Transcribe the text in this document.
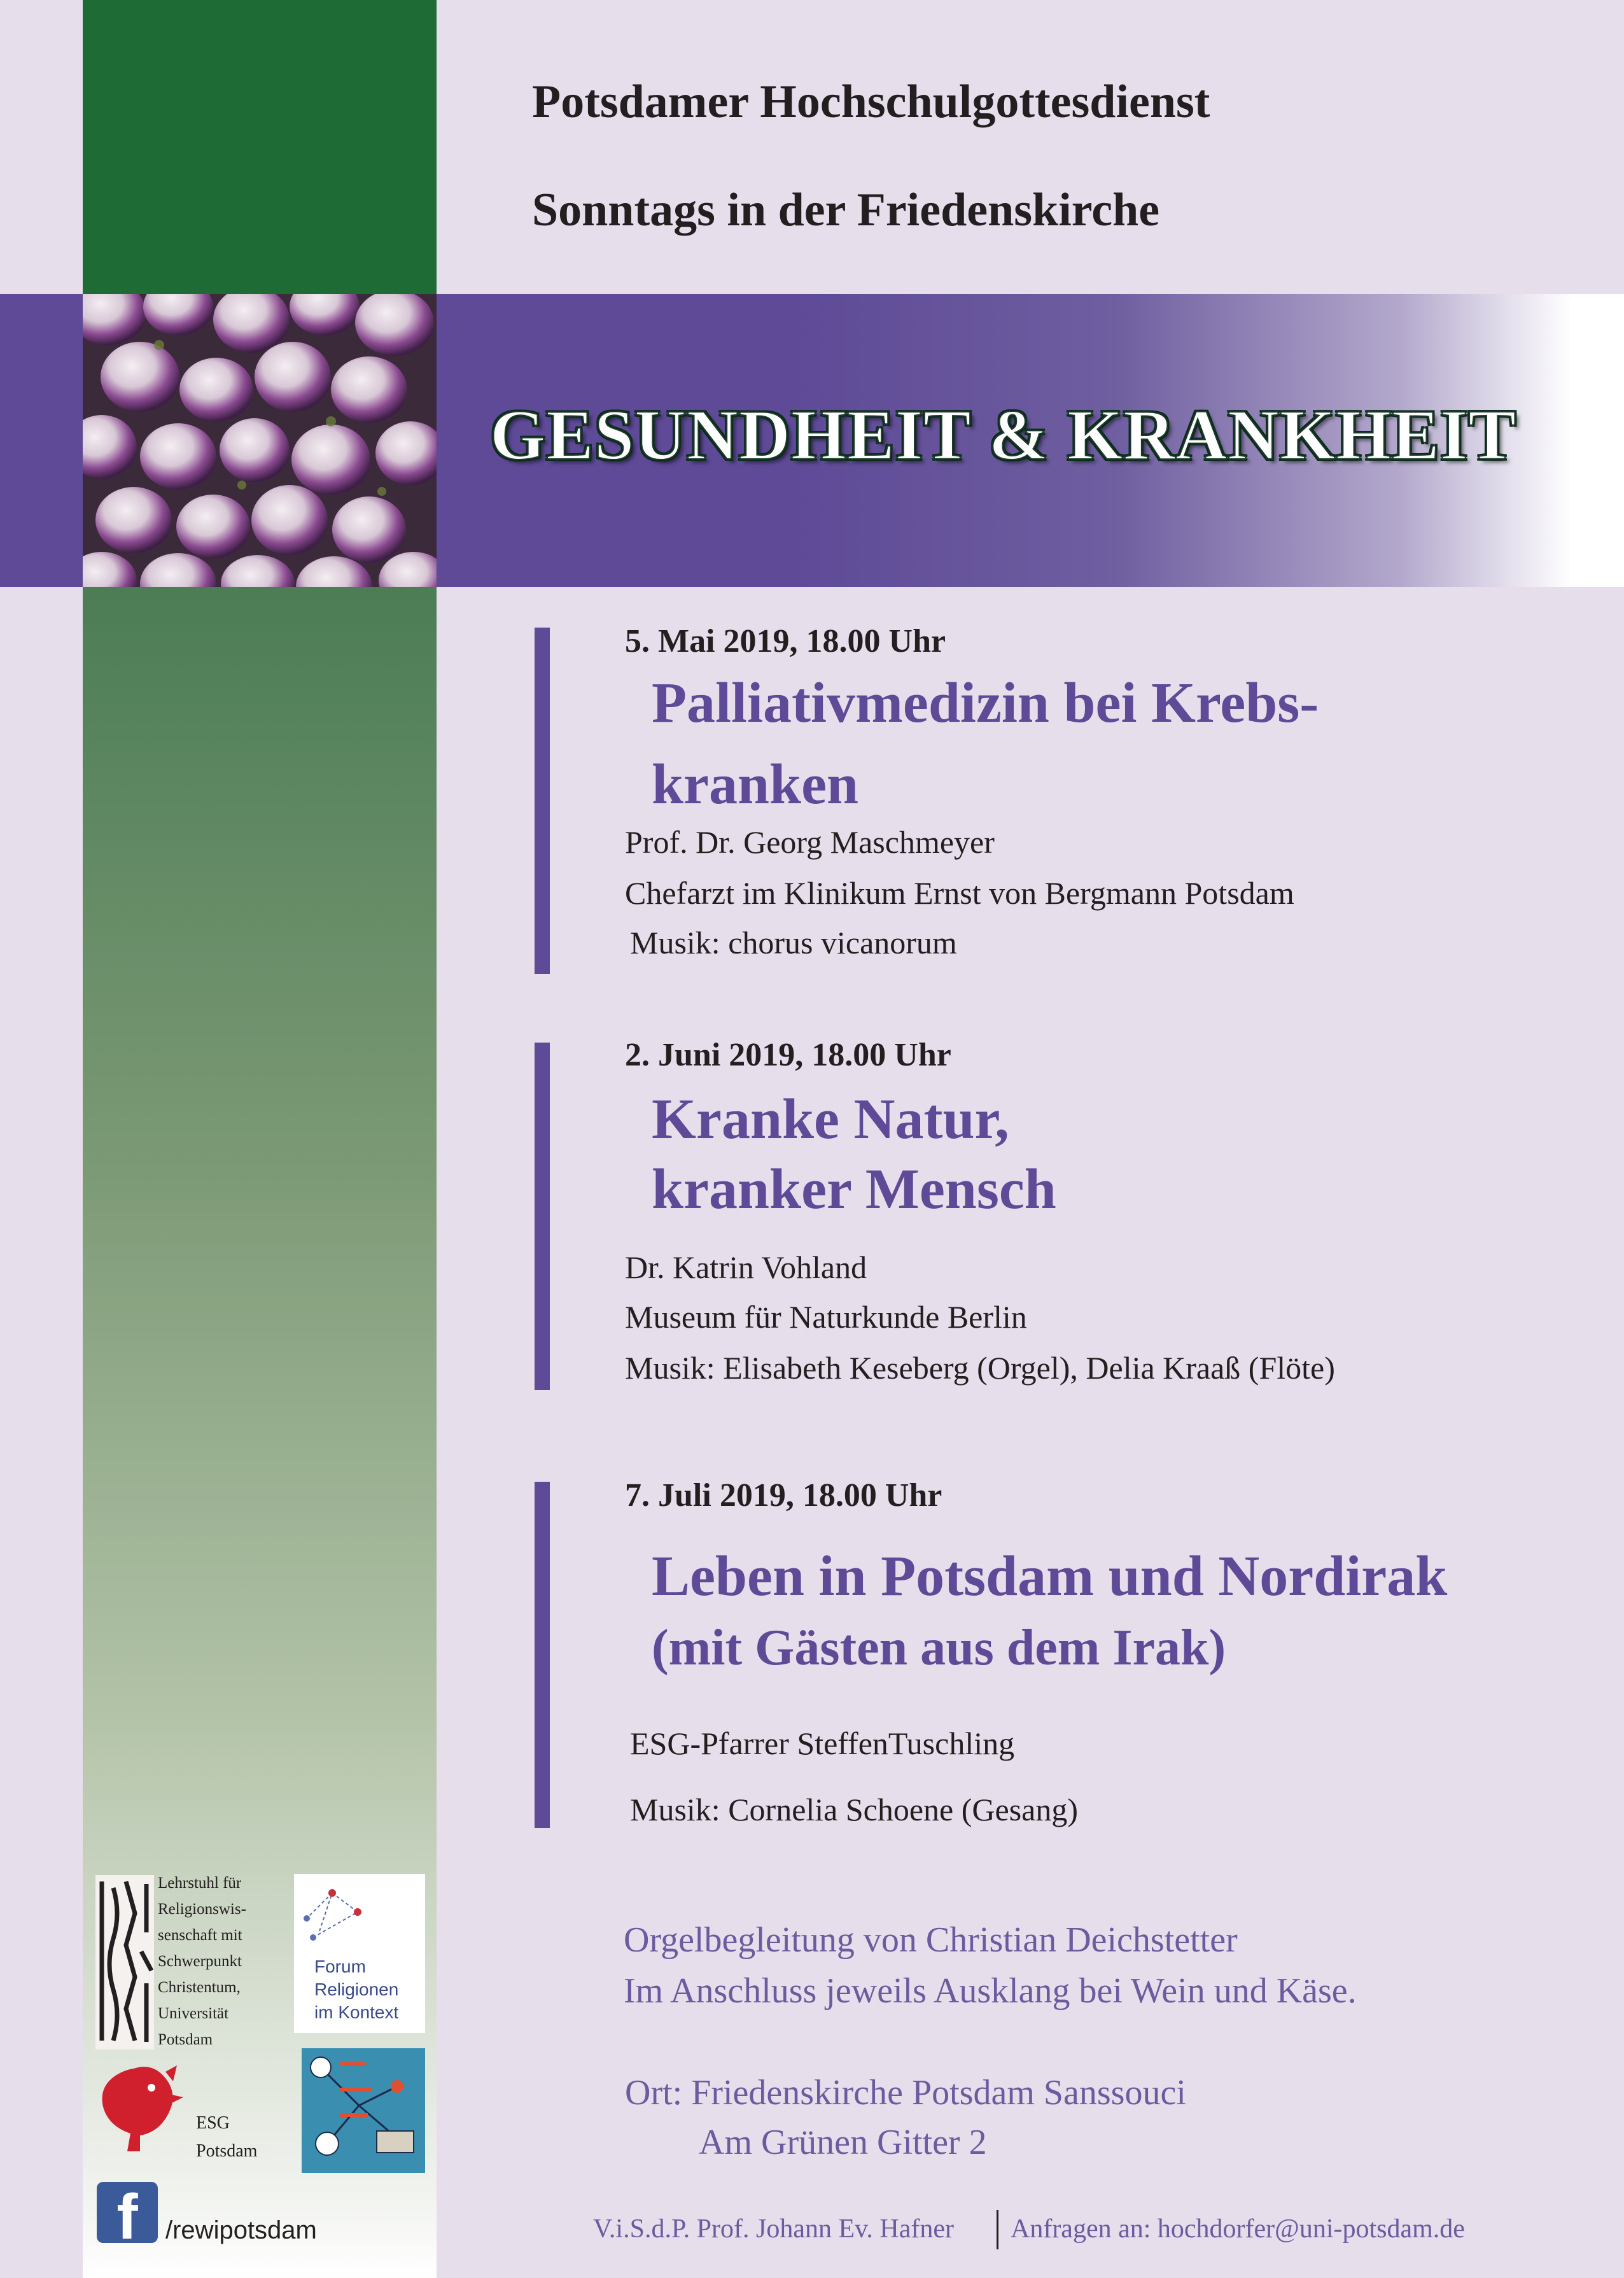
Potsdamer Hochschulgottesdienst
Sonntags in der Friedenskirche
GESUNDHEIT & KRANKHEIT
5. Mai 2019, 18.00 Uhr
Palliativmedizin bei Krebs-
kranken
Prof. Dr. Georg Maschmeyer
Chefarzt im Klinikum Ernst von Bergmann Potsdam
Musik: chorus vicanorum
2. Juni 2019, 18.00 Uhr
Kranke Natur,
kranker Mensch
Dr. Katrin Vohland
Museum für Naturkunde Berlin
Musik: Elisabeth Keseberg (Orgel), Delia Kraaß (Flöte)
7. Juli 2019, 18.00 Uhr
Leben in Potsdam und Nordirak
(mit Gästen aus dem Irak)
ESG-Pfarrer SteffenTuschling
Musik: Cornelia Schoene (Gesang)
Orgelbegleitung von Christian Deichstetter
Im Anschluss jeweils Ausklang bei Wein und Käse.
Ort: Friedenskirche Potsdam Sanssouci
Am Grünen Gitter 2
V.i.S.d.P. Prof. Johann Ev. Hafner Anfragen an: hochdorfer@uni-potsdam.de
Lehrstuhl für
Religionswis-
senschaft mit
Schwerpunkt
Christentum,
Universität
Potsdam
Forum
Religionen
im Kontext
ESG
Potsdam
f	/rewipotsdam
